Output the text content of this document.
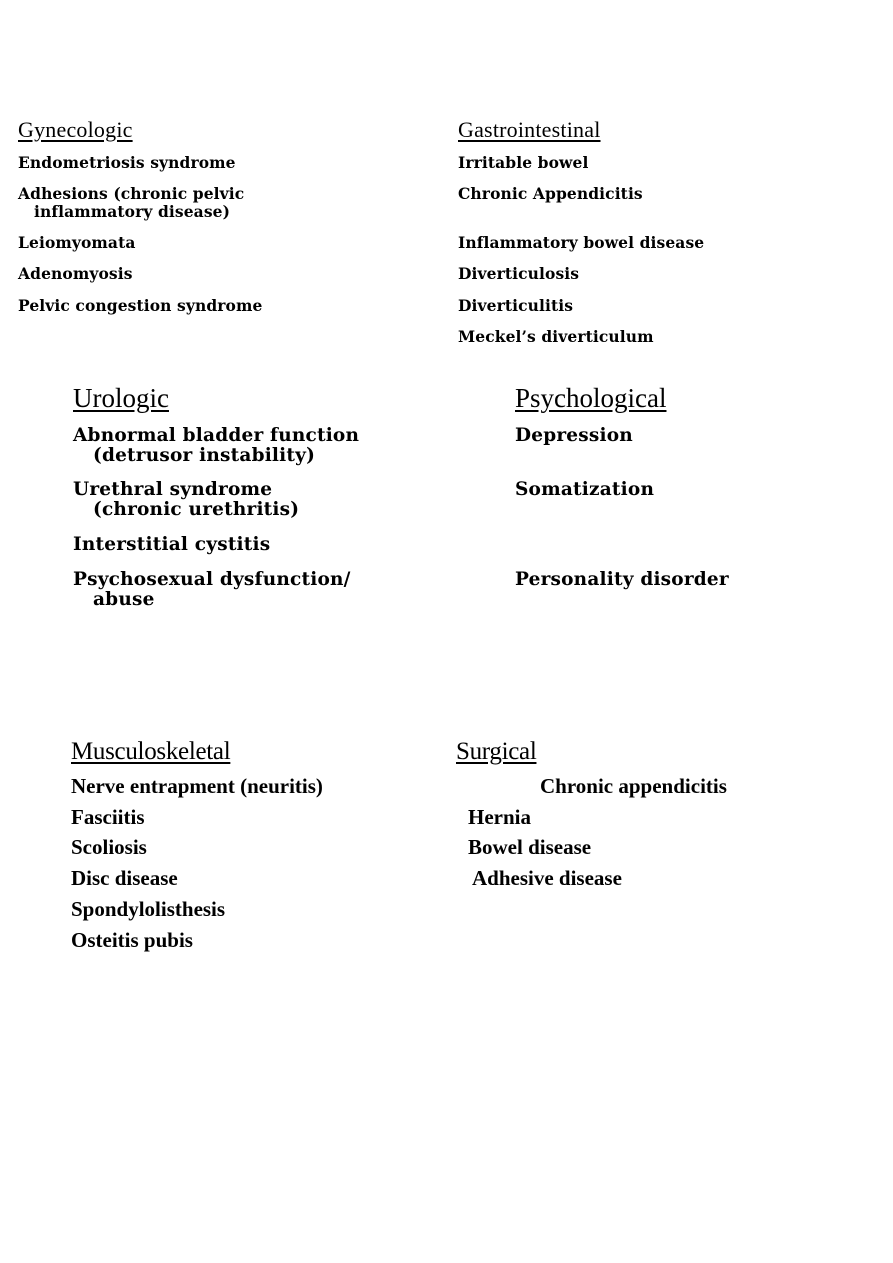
Gynecologic
Endometriosis syndrome
Adhesions (chronic pelvic
inflammatory disease)
Leiomyomata
Adenomyosis
Pelvic congestion syndrome
Gastrointestinal
Irritable bowel
Chronic Appendicitis
Inflammatory bowel disease
Diverticulosis
Diverticulitis
Meckel’s diverticulum
Urologic
Abnormal bladder function
(detrusor instability)
Urethral syndrome
(chronic urethritis)
Interstitial cystitis
Psychosexual dysfunction/
abuse
Psychological
Depression
Somatization
Personality disorder
Musculoskeletal
Nerve entrapment (neuritis)
Fasciitis
Scoliosis
Disc disease
Spondylolisthesis
Osteitis pubis
Surgical
Chronic appendicitis
Hernia
Bowel disease
Adhesive disease
